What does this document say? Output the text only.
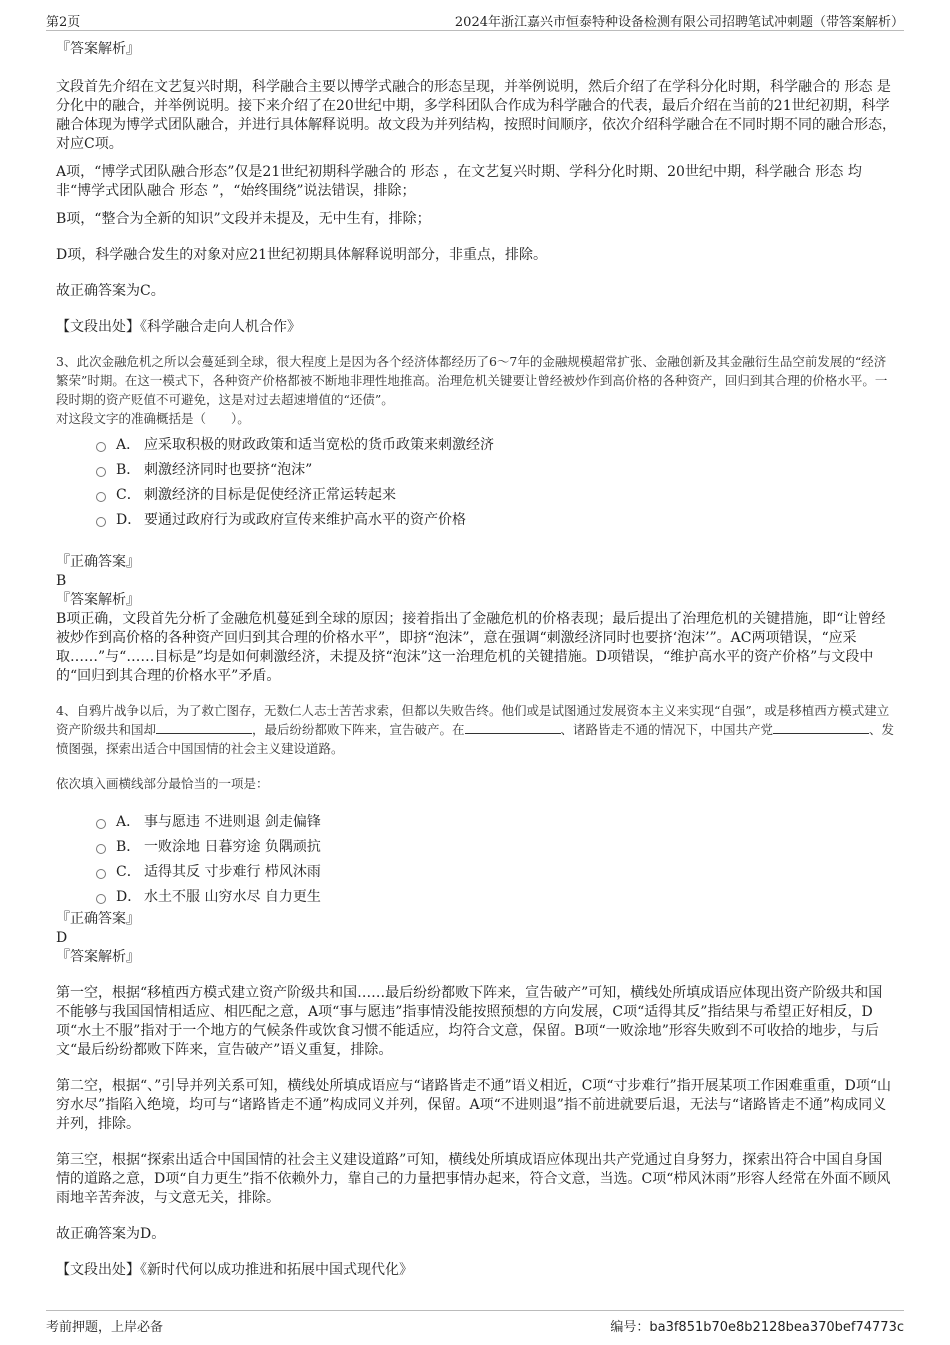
第2页	2024年浙江嘉兴市恒泰特种设备检测有限公司招聘笔试冲刺题（带答案解析）

『答案解析』

文段首先介绍在文艺复兴时期，科学融合主要以博学式融合的形态呈现，并举例说明，然后介绍了在学科分化时期，科学融合的 形态 是分化中的融合，并举例说明。接下来介绍了在20世纪中期，多学科团队合作成为科学融合的代表，最后介绍在当前的21世纪初期，科学融合体现为博学式团队融合，并进行具体解释说明。故文段为并列结构，按照时间顺序，依次介绍科学融合在不同时期不同的融合形态，对应C项。

A项，“博学式团队融合形态”仅是21世纪初期科学融合的 形态 ，在文艺复兴时期、学科分化时期、20世纪中期，科学融合 形态 均非“博学式团队融合 形态 ”，“始终围绕”说法错误，排除；

B项，“整合为全新的知识”文段并未提及，无中生有，排除；

D项，科学融合发生的对象对应21世纪初期具体解释说明部分，非重点，排除。

故正确答案为C。

【文段出处】《科学融合走向人机合作》

3、此次金融危机之所以会蔓延到全球，很大程度上是因为各个经济体都经历了6～7年的金融规模超常扩张、金融创新及其金融衍生品空前发展的“经济繁荣”时期。在这一模式下，各种资产价格都被不断地非理性地推高。治理危机关键要让曾经被炒作到高价格的各种资产，回归到其合理的价格水平。一段时期的资产贬值不可避免，这是对过去超速增值的“还债”。

对这段文字的准确概括是（　　）。

A． 应采取积极的财政政策和适当宽松的货币政策来刺激经济
B． 刺激经济同时也要挤“泡沫”
C． 刺激经济的目标是促使经济正常运转起来
D． 要通过政府行为或政府宣传来维护高水平的资产价格

『正确答案』

B

『答案解析』

B项正确，文段首先分析了金融危机蔓延到全球的原因；接着指出了金融危机的价格表现；最后提出了治理危机的关键措施，即“让曾经被炒作到高价格的各种资产回归到其合理的价格水平”，即挤“泡沫”，意在强调“刺激经济同时也要挤‘泡沫’”。AC两项错误，“应采取……”与“……目标是”均是如何刺激经济，未提及挤“泡沫”这一治理危机的关键措施。D项错误，“维护高水平的资产价格”与文段中的“回归到其合理的价格水平”矛盾。

4、自鸦片战争以后，为了救亡图存，无数仁人志士苦苦求索，但都以失败告终。他们或是试图通过发展资本主义来实现“自强”，或是移植西方模式建立资产阶级共和国却	，最后纷纷都败下阵来，宣告破产。在	、诸路皆走不通的情况下，中国共产党	、发愤图强，探索出适合中国国情的社会主义建设道路。

依次填入画横线部分最恰当的一项是：

A． 事与愿违 不进则退 剑走偏锋
B． 一败涂地 日暮穷途 负隅顽抗
C． 适得其反 寸步难行 栉风沐雨
D． 水土不服 山穷水尽 自力更生

『正确答案』

D

『答案解析』

第一空，根据“移植西方模式建立资产阶级共和国……最后纷纷都败下阵来，宣告破产”可知，横线处所填成语应体现出资产阶级共和国不能够与我国国情相适应、相匹配之意，A项“事与愿违”指事情没能按照预想的方向发展，C项“适得其反”指结果与希望正好相反，D项“水土不服”指对于一个地方的气候条件或饮食习惯不能适应，均符合文意，保留。B项“一败涂地”形容失败到不可收拾的地步，与后文“最后纷纷都败下阵来，宣告破产”语义重复，排除。

第二空，根据“、”引导并列关系可知，横线处所填成语应与“诸路皆走不通”语义相近，C项“寸步难行”指开展某项工作困难重重，D项“山穷水尽”指陷入绝境，均可与“诸路皆走不通”构成同义并列，保留。A项“不进则退”指不前进就要后退，无法与“诸路皆走不通”构成同义并列，排除。

第三空，根据“探索出适合中国国情的社会主义建设道路”可知，横线处所填成语应体现出共产党通过自身努力，探索出符合中国自身国情的道路之意，D项“自力更生”指不依赖外力，靠自己的力量把事情办起来，符合文意，当选。C项“栉风沐雨”形容人经常在外面不顾风雨地辛苦奔波，与文意无关，排除。

故正确答案为D。

【文段出处】《新时代何以成功推进和拓展中国式现代化》

考前押题，上岸必备	编号：ba3f851b70e8b2128bea370bef74773c
